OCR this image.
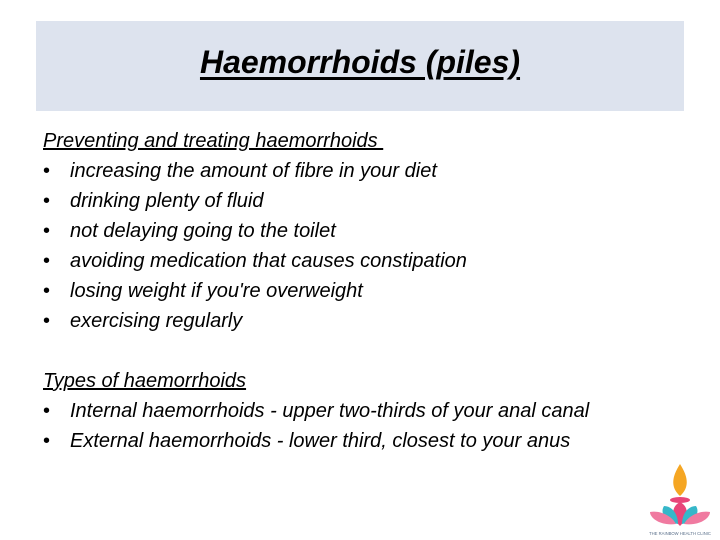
Haemorrhoids (piles)
Preventing and treating haemorrhoids
• increasing the amount of fibre in your diet
• drinking plenty of fluid
• not delaying going to the toilet
• avoiding medication that causes constipation
• losing weight if you're overweight
• exercising regularly
Types of haemorrhoids
• Internal haemorrhoids - upper two-thirds of your anal canal
• External haemorrhoids - lower third, closest to your anus
THE RAINBOW HEALTH CLINIC
